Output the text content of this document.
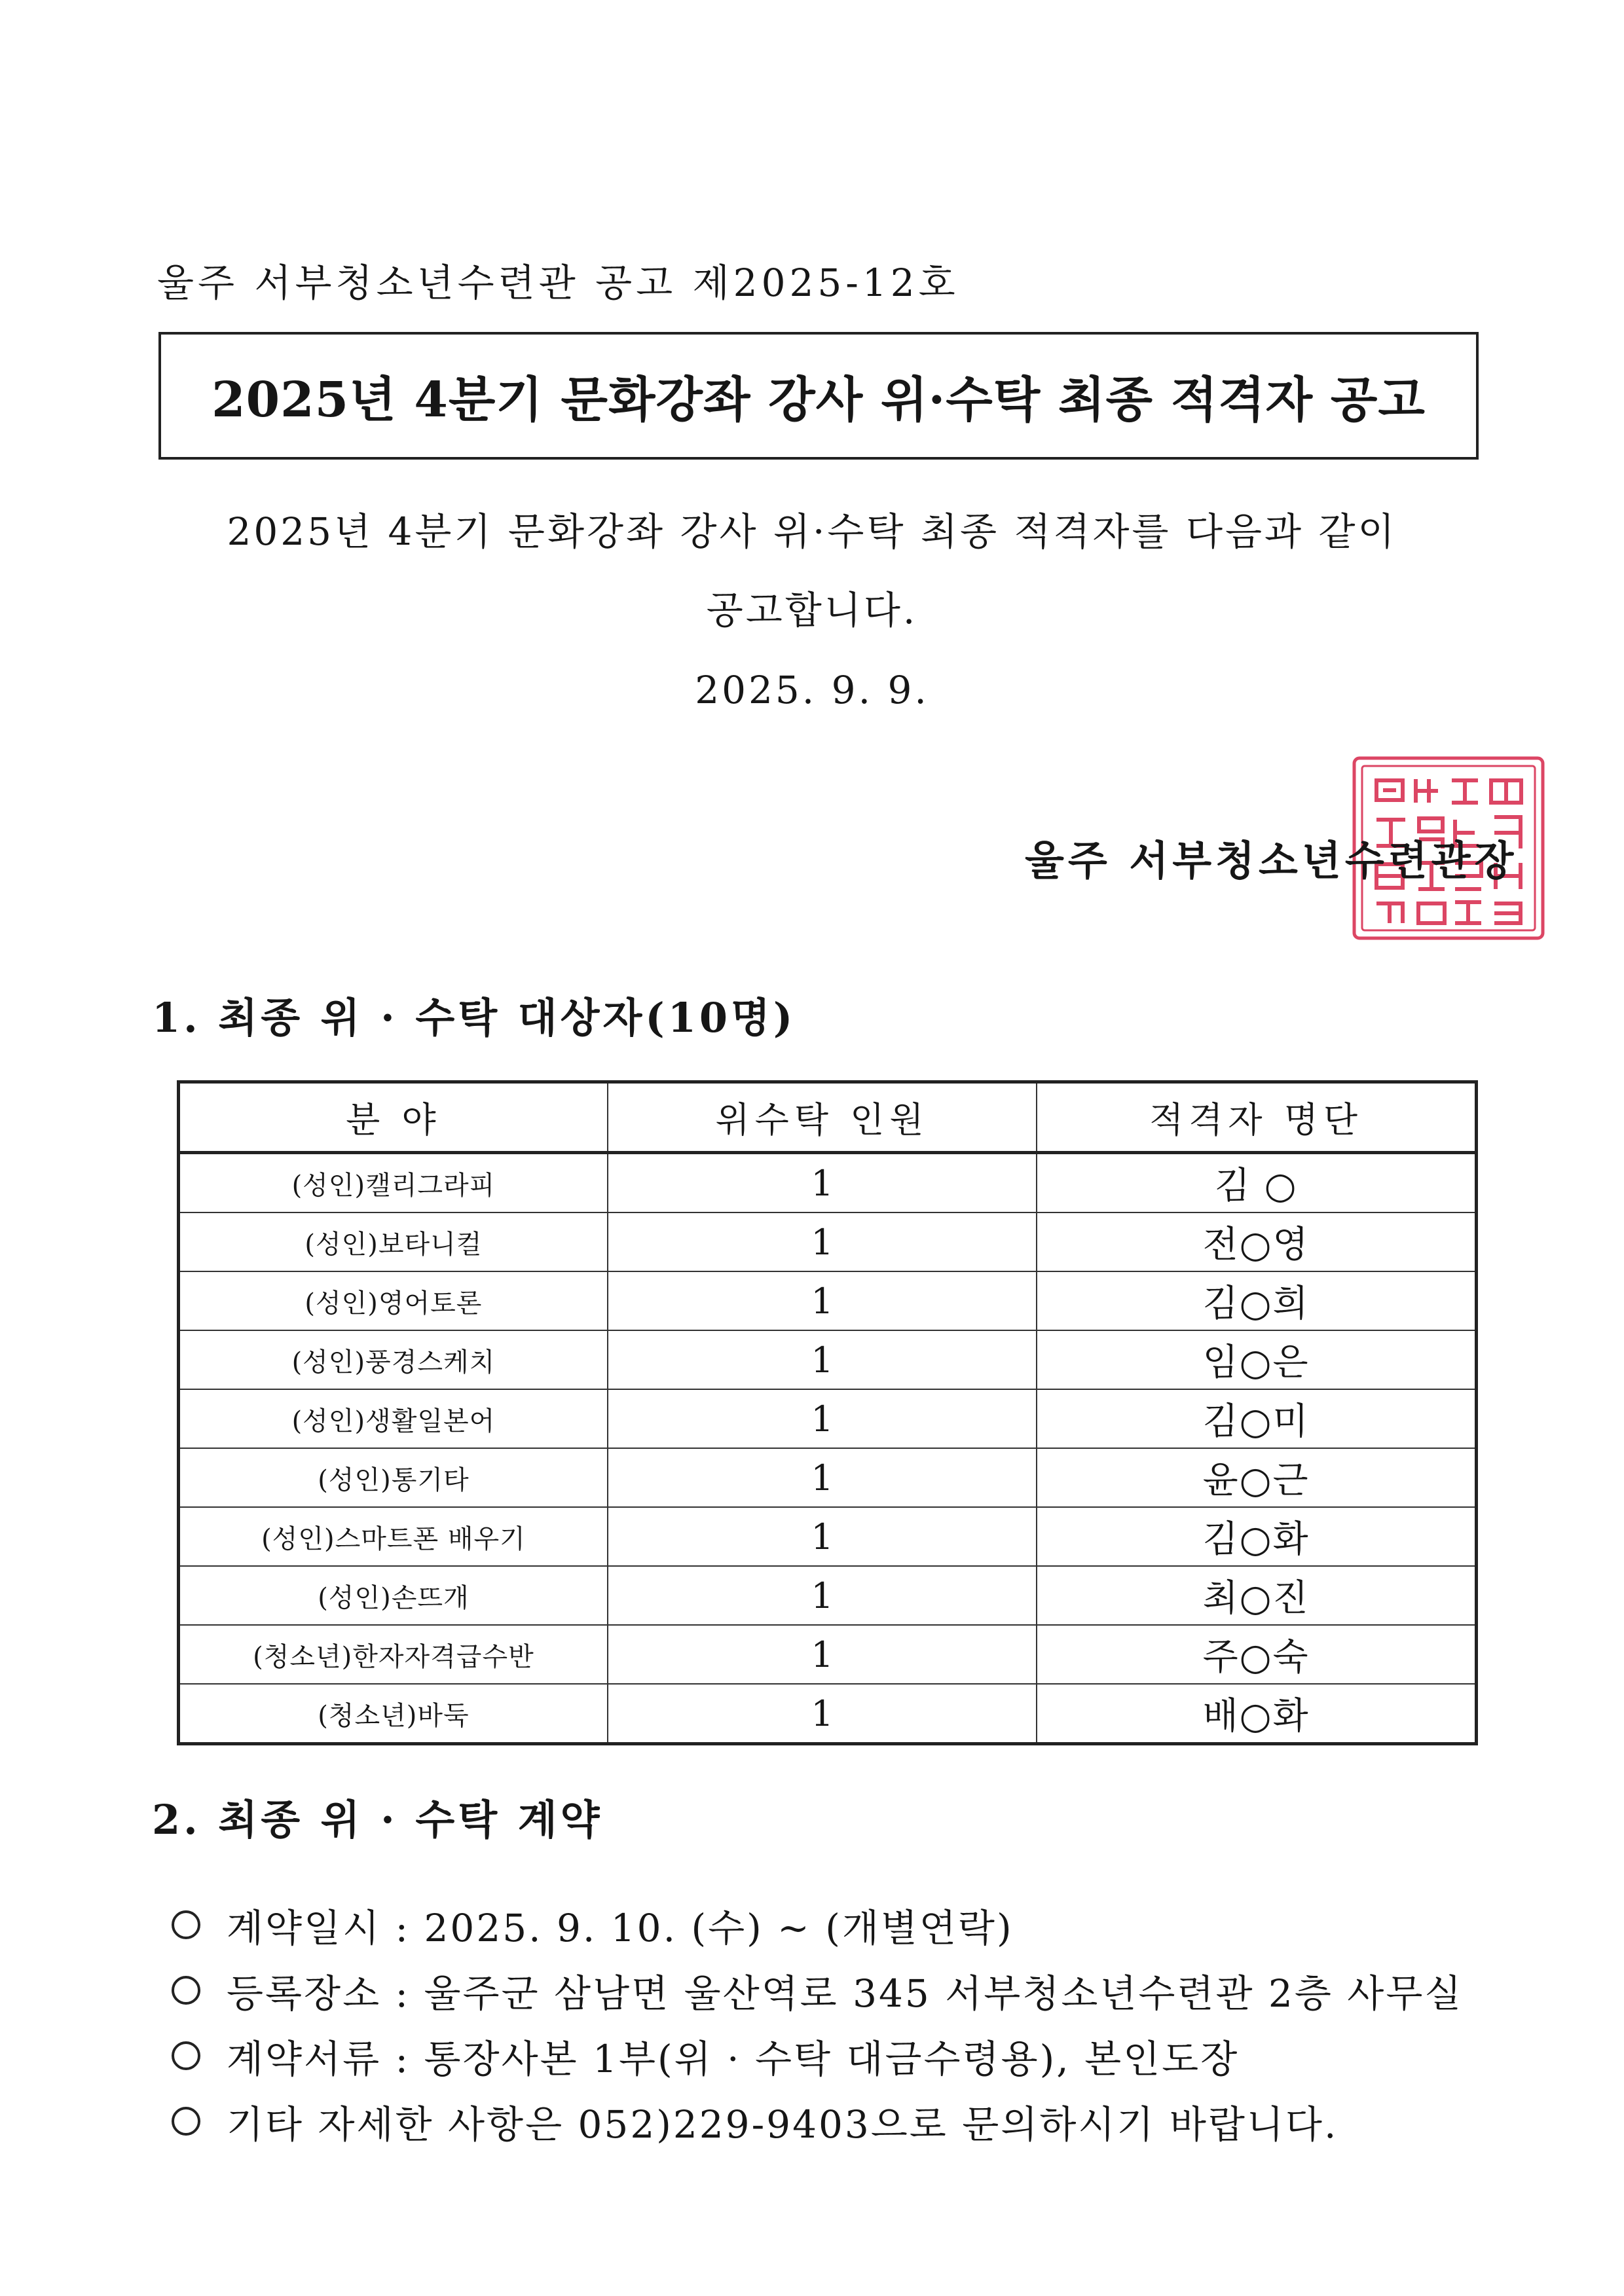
울주 서부청소년수련관 공고 제2025-12호
2025년 4분기 문화강좌 강사 위·수탁 최종 적격자 공고
2025년 4분기 문화강좌 강사 위·수탁 최종 적격자를 다음과 같이
공고합니다.
2025. 9. 9.
울주 서부청소년수련관장
1. 최종 위 · 수탁 대상자(10명)
분 야	위수탁 인원	적격자 명단
(성인)캘리그라피	1	김 ○
(성인)보타니컬	1	전○영
(성인)영어토론	1	김○희
(성인)풍경스케치	1	임○은
(성인)생활일본어	1	김○미
(성인)통기타	1	윤○근
(성인)스마트폰 배우기	1	김○화
(성인)손뜨개	1	최○진
(청소년)한자자격급수반	1	주○숙
(청소년)바둑	1	배○화
2. 최종 위 · 수탁 계약
계약일시 : 2025. 9. 10. (수) ~ (개별연락)
등록장소 : 울주군 삼남면 울산역로 345 서부청소년수련관 2층 사무실
계약서류 : 통장사본 1부(위 · 수탁 대금수령용), 본인도장
기타 자세한 사항은 052)229-9403으로 문의하시기 바랍니다.
